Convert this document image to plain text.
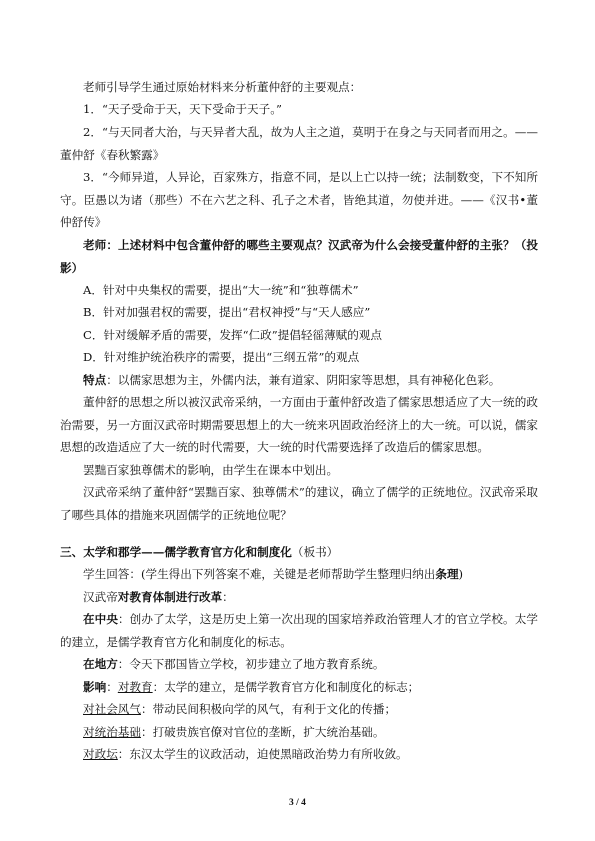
老师引导学生通过原始材料来分析董仲舒的主要观点：
1．“天子受命于天，天下受命于天子。”
2．“与天同者大治，与天异者大乱，故为人主之道，莫明于在身之与天同者而用之。——董仲舒《春秋繁露》
3．“今师异道，人异论，百家殊方，指意不同，是以上亡以持一统；法制数变，下不知所守。臣愚以为诸（那些）不在六艺之科、孔子之术者，皆绝其道，勿使并进。——《汉书•董仲舒传》
老师：上述材料中包含董仲舒的哪些主要观点？汉武帝为什么会接受董仲舒的主张？（投影）
A．针对中央集权的需要，提出“大一统”和“独尊儒术”
B．针对加强君权的需要，提出“君权神授”与“天人感应”
C．针对缓解矛盾的需要，发挥“仁政”提倡轻徭薄赋的观点
D．针对维护统治秩序的需要，提出“三纲五常”的观点
特点：以儒家思想为主，外儒内法，兼有道家、阴阳家等思想，具有神秘化色彩。
董仲舒的思想之所以被汉武帝采纳，一方面由于董仲舒改造了儒家思想适应了大一统的政治需要，另一方面汉武帝时期需要思想上的大一统来巩固政治经济上的大一统。可以说，儒家思想的改造适应了大一统的时代需要，大一统的时代需要选择了改造后的儒家思想。
罢黜百家独尊儒术的影响，由学生在课本中划出。
汉武帝采纳了董仲舒“罢黜百家、独尊儒术”的建议，确立了儒学的正统地位。汉武帝采取了哪些具体的措施来巩固儒学的正统地位呢？
三、太学和郡学——儒学教育官方化和制度化（板书）
学生回答：(学生得出下列答案不难，关键是老师帮助学生整理归纳出条理)
汉武帝对教育体制进行改革：
在中央：创办了太学，这是历史上第一次出现的国家培养政治管理人才的官立学校。太学的建立，是儒学教育官方化和制度化的标志。
在地方：令天下郡国皆立学校，初步建立了地方教育系统。
影响：对教育：太学的建立，是儒学教育官方化和制度化的标志；
对社会风气：带动民间积极向学的风气，有利于文化的传播；
对统治基础：打破贵族官僚对官位的垄断，扩大统治基础。
对政坛：东汉太学生的议政活动，迫使黑暗政治势力有所收敛。
3 / 4
